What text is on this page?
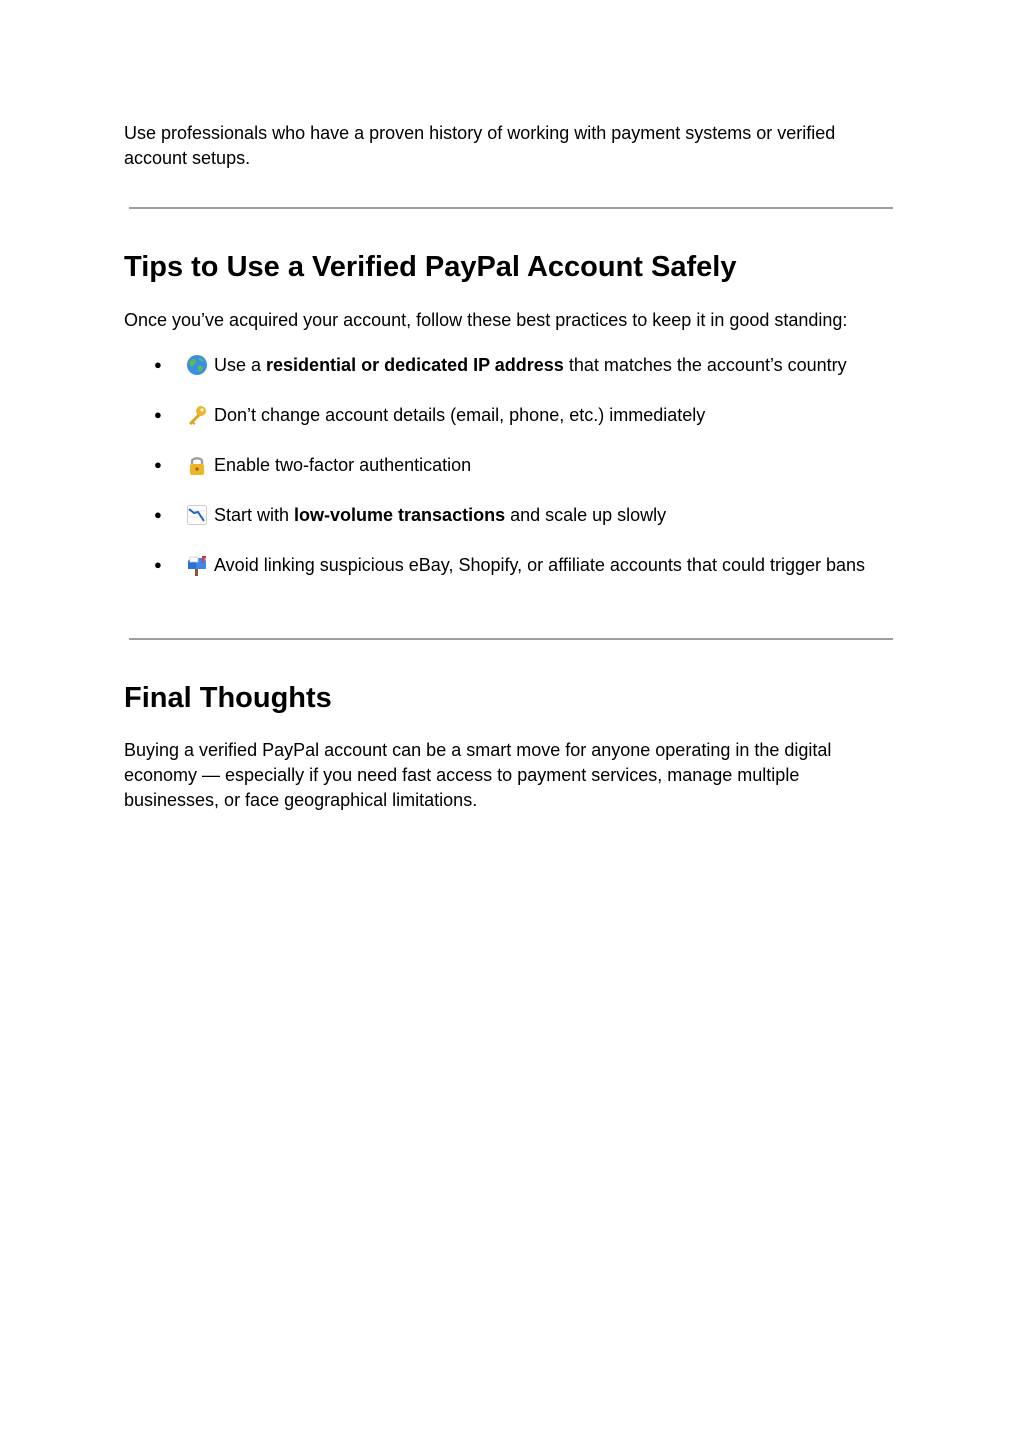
Use professionals who have a proven history of working with payment systems or verified account setups.

Tips to Use a Verified PayPal Account Safely

Once you’ve acquired your account, follow these best practices to keep it in good standing:

●	Use a residential or dedicated IP address that matches the account’s country
●	Don’t change account details (email, phone, etc.) immediately
●	Enable two-factor authentication
●	Start with low-volume transactions and scale up slowly
●	Avoid linking suspicious eBay, Shopify, or affiliate accounts that could trigger bans
Final Thoughts

Buying a verified PayPal account can be a smart move for anyone operating in the digital economy — especially if you need fast access to payment services, manage multiple businesses, or face geographical limitations.
